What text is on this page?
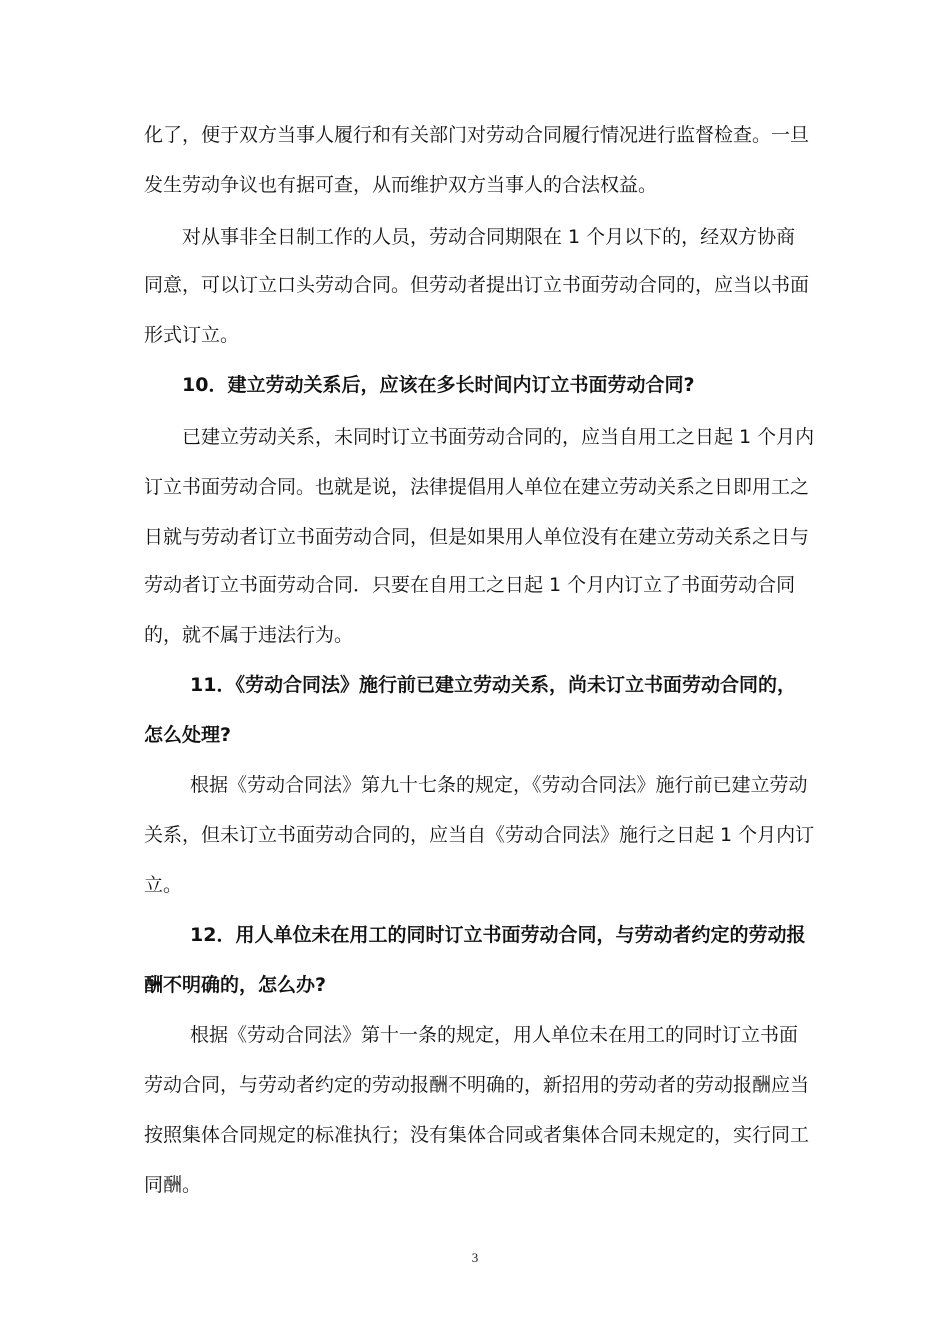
化了，便于双方当事人履行和有关部门对劳动合同履行情况进行监督检查。一旦
发生劳动争议也有据可查，从而维护双方当事人的合法权益。
对从事非全日制工作的人员，劳动合同期限在 1 个月以下的，经双方协商
同意，可以订立口头劳动合同。但劳动者提出订立书面劳动合同的，应当以书面
形式订立。
10．建立劳动关系后，应该在多长时间内订立书面劳动合同?
已建立劳动关系，未同时订立书面劳动合同的，应当自用工之日起 1 个月内
订立书面劳动合同。也就是说，法律提倡用人单位在建立劳动关系之日即用工之
日就与劳动者订立书面劳动合同，但是如果用人单位没有在建立劳动关系之日与
劳动者订立书面劳动合同．只要在自用工之日起 1 个月内订立了书面劳动合同
的，就不属于违法行为。
11．《劳动合同法》施行前已建立劳动关系，尚未订立书面劳动合同的，
怎么处理?
根据《劳动合同法》第九十七条的规定，《劳动合同法》施行前已建立劳动
关系，但未订立书面劳动合同的，应当自《劳动合同法》施行之日起 1 个月内订
立。
12．用人单位未在用工的同时订立书面劳动合同，与劳动者约定的劳动报
酬不明确的，怎么办?
根据《劳动合同法》第十一条的规定，用人单位未在用工的同时订立书面
劳动合同，与劳动者约定的劳动报酬不明确的，新招用的劳动者的劳动报酬应当
按照集体合同规定的标准执行；没有集体合同或者集体合同未规定的，实行同工
同酬。
3
